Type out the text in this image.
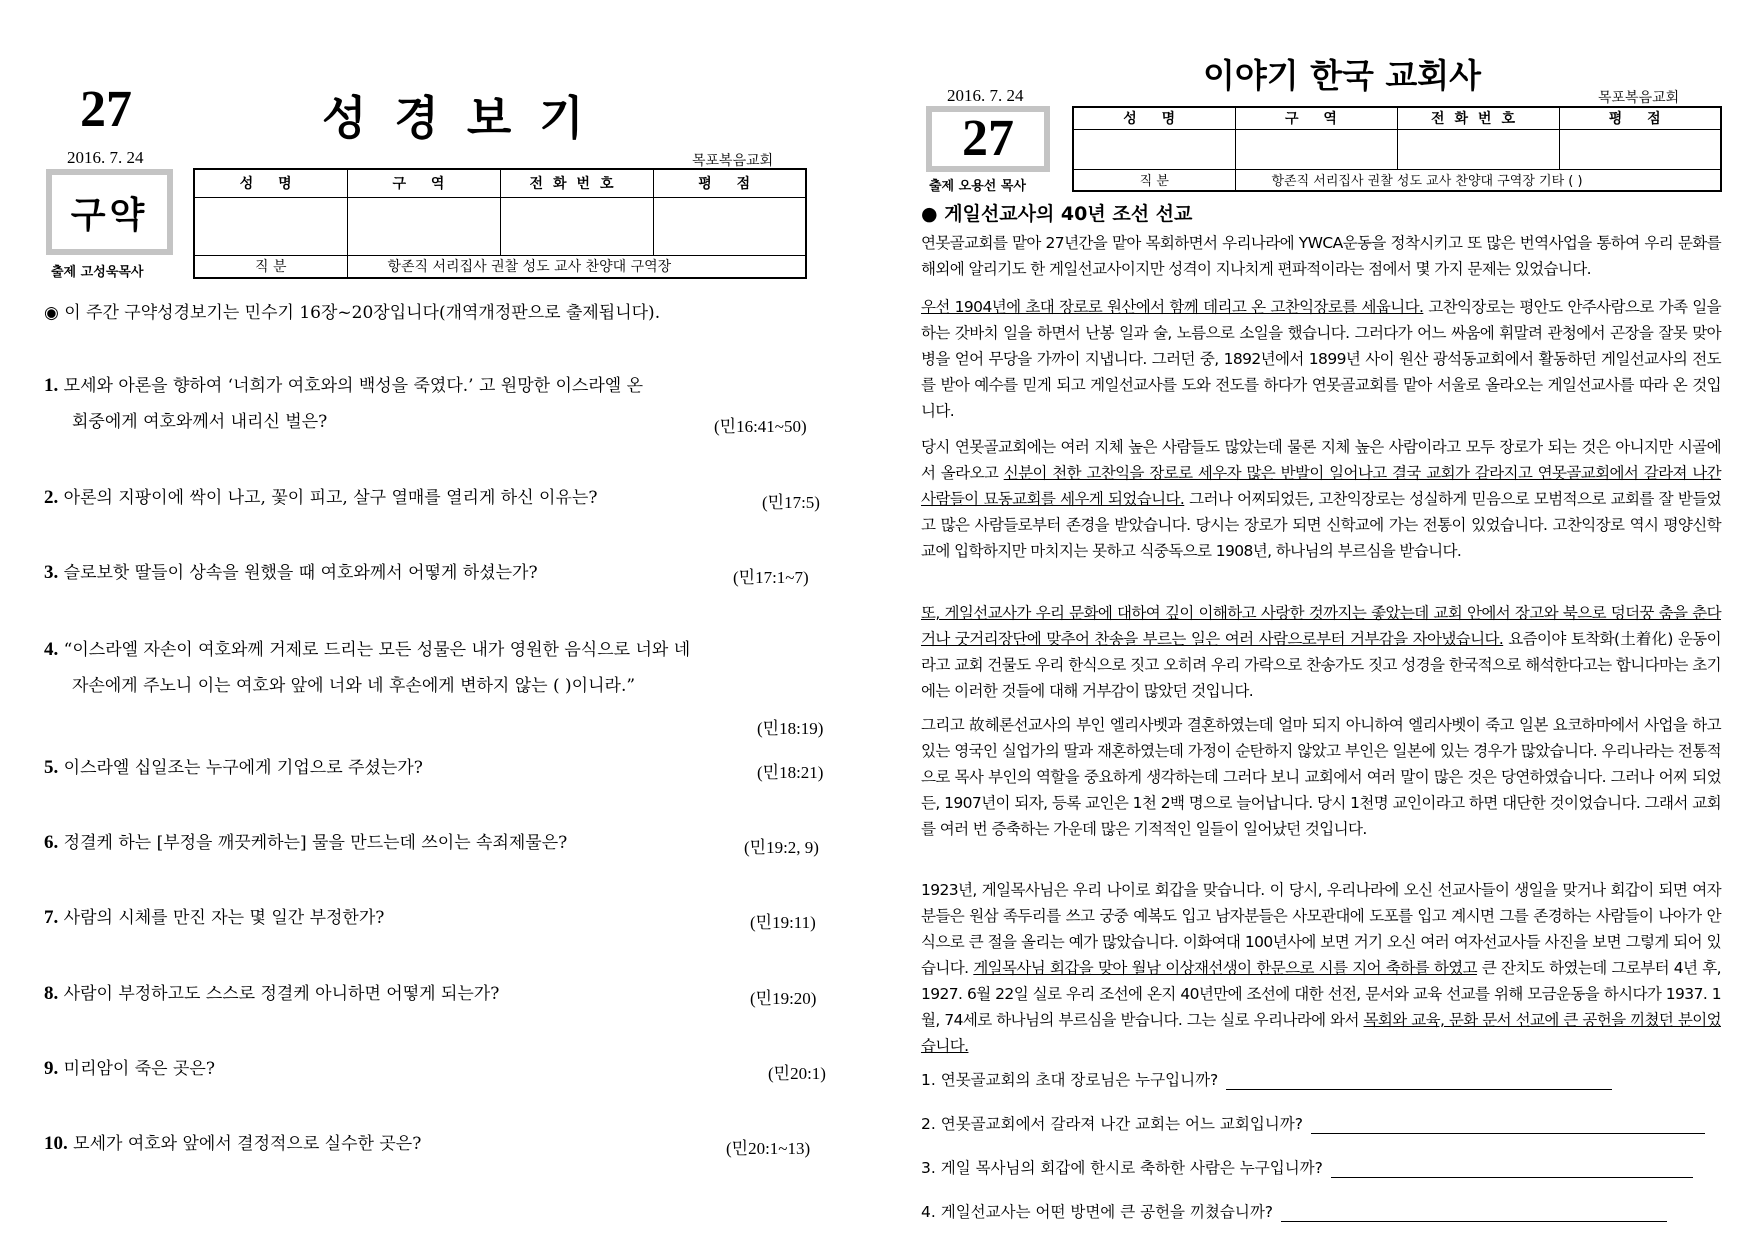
27	성경보기
2016. 7. 24	목포복음교회
구약
출제 고성욱목사
성 명	구 역	전화번호	평 점

직 분	항존직 서리집사 권찰 성도 교사 찬양대 구역장		
◉ 이 주간 구약성경보기는 민수기 16장~20장입니다(개역개정판으로 출제됩니다).
1. 모세와 아론을 향하여 ‘너희가 여호와의 백성을 죽였다.’ 고 원망한 이스라엘 온
회중에게 여호와께서 내리신 벌은?	(민16:41~50)
2. 아론의 지팡이에 싹이 나고, 꽃이 피고, 살구 열매를 열리게 하신 이유는?	(민17:5)
3. 슬로보핫 딸들이 상속을 원했을 때 여호와께서 어떻게 하셨는가?	(민17:1~7)
4. “이스라엘 자손이 여호와께 거제로 드리는 모든 성물은 내가 영원한 음식으로 너와 네
자손에게 주노니 이는 여호와 앞에 너와 네 후손에게 변하지 않는 ( )이니라.”
(민18:19)
5. 이스라엘 십일조는 누구에게 기업으로 주셨는가?	(민18:21)
6. 정결케 하는 [부정을 깨끗케하는] 물을 만드는데 쓰이는 속죄제물은?	(민19:2, 9)
7. 사람의 시체를 만진 자는 몇 일간 부정한가?	(민19:11)
8. 사람이 부정하고도 스스로 정결케 아니하면 어떻게 되는가?	(민19:20)
9. 미리암이 죽은 곳은?	(민20:1)
10. 모세가 여호와 앞에서 결정적으로 실수한 곳은?	(민20:1~13)
이야기 한국 교회사
2016. 7. 24	목포복음교회
27
출제 오용선 목사
성 명	구 역	전화번호	평 점

직 분	항존직 서리집사 권찰 성도 교사 찬양대 구역장 기타 ( )		
● 게일선교사의 40년 조선 선교
연못골교회를 맡아 27년간을 맡아 목회하면서 우리나라에 YWCA운동을 정착시키고 또 많은 번역사업을 통하여 우리 문화를 해외에 알리기도 한 게일선교사이지만 성격이 지나치게 편파적이라는 점에서 몇 가지 문제는 있었습니다.
우선 1904년에 초대 장로로 원산에서 함께 데리고 온 고찬익장로를 세웁니다. 고찬익장로는 평안도 안주사람으로 가족 일을 하는 갓바치 일을 하면서 난봉 일과 술, 노름으로 소일을 했습니다. 그러다가 어느 싸움에 휘말려 관청에서 곤장을 잘못 맞아 병을 얻어 무당을 가까이 지냅니다. 그러던 중, 1892년에서 1899년 사이 원산 광석동교회에서 활동하던 게일선교사의 전도를 받아 예수를 믿게 되고 게일선교사를 도와 전도를 하다가 연못골교회를 맡아 서울로 올라오는 게일선교사를 따라 온 것입니다.
당시 연못골교회에는 여러 지체 높은 사람들도 많았는데 물론 지체 높은 사람이라고 모두 장로가 되는 것은 아니지만 시골에서 올라오고 신분이 천한 고찬익을 장로로 세우자 많은 반발이 일어나고 결국 교회가 갈라지고 연못골교회에서 갈라져 나간 사람들이 묘동교회를 세우게 되었습니다. 그러나 어찌되었든, 고찬익장로는 성실하게 믿음으로 모범적으로 교회를 잘 받들었고 많은 사람들로부터 존경을 받았습니다. 당시는 장로가 되면 신학교에 가는 전통이 있었습니다. 고찬익장로 역시 평양신학교에 입학하지만 마치지는 못하고 식중독으로 1908년, 하나님의 부르심을 받습니다.
또, 게일선교사가 우리 문화에 대하여 깊이 이해하고 사랑한 것까지는 좋았는데 교회 안에서 장고와 북으로 덩더꿍 춤을 춘다거나 굿거리장단에 맞추어 찬송을 부르는 일은 여러 사람으로부터 거부감을 자아냈습니다. 요즘이야 토착화(土着化) 운동이라고 교회 건물도 우리 한식으로 짓고 오히려 우리 가락으로 찬송가도 짓고 성경을 한국적으로 해석한다고는 합니다마는 초기에는 이러한 것들에 대해 거부감이 많았던 것입니다.
그리고 故헤론선교사의 부인 엘리사벳과 결혼하였는데 얼마 되지 아니하여 엘리사벳이 죽고 일본 요코하마에서 사업을 하고 있는 영국인 실업가의 딸과 재혼하였는데 가정이 순탄하지 않았고 부인은 일본에 있는 경우가 많았습니다. 우리나라는 전통적으로 목사 부인의 역할을 중요하게 생각하는데 그러다 보니 교회에서 여러 말이 많은 것은 당연하였습니다. 그러나 어찌 되었든, 1907년이 되자, 등록 교인은 1천 2백 명으로 늘어납니다. 당시 1천명 교인이라고 하면 대단한 것이었습니다. 그래서 교회를 여러 번 증축하는 가운데 많은 기적적인 일들이 일어났던 것입니다.
1923년, 게일목사님은 우리 나이로 회갑을 맞습니다. 이 당시, 우리나라에 오신 선교사들이 생일을 맞거나 회갑이 되면 여자분들은 원삼 족두리를 쓰고 궁중 예복도 입고 남자분들은 사모관대에 도포를 입고 계시면 그를 존경하는 사람들이 나아가 안식으로 큰 절을 올리는 예가 많았습니다. 이화여대 100년사에 보면 거기 오신 여러 여자선교사들 사진을 보면 그렇게 되어 있습니다. 게일목사님 회갑을 맞아 월남 이상재선생이 한문으로 시를 지어 축하를 하였고 큰 잔치도 하였는데 그로부터 4년 후, 1927. 6월 22일 실로 우리 조선에 온지 40년만에 조선에 대한 선전, 문서와 교육 선교를 위해 모금운동을 하시다가 1937. 1월, 74세로 하나님의 부르심을 받습니다. 그는 실로 우리나라에 와서 목회와 교육, 문화 문서 선교에 큰 공헌을 끼쳤던 분이었습니다.
1. 연못골교회의 초대 장로님은 누구입니까?
2. 연못골교회에서 갈라져 나간 교회는 어느 교회입니까?
3. 게일 목사님의 회갑에 한시로 축하한 사람은 누구입니까?
4. 게일선교사는 어떤 방면에 큰 공헌을 끼쳤습니까?
